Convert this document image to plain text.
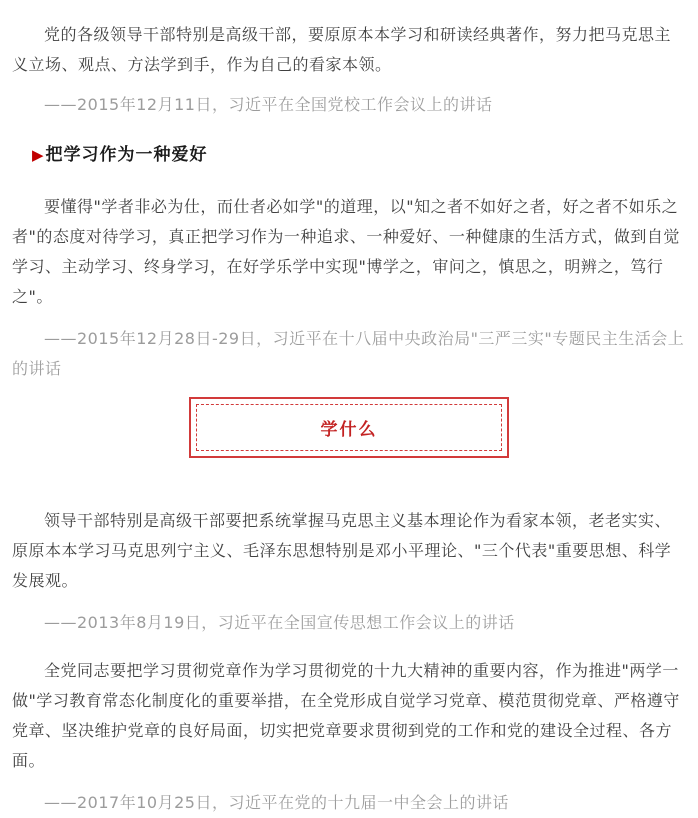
党的各级领导干部特别是高级干部，要原原本本学习和研读经典著作，努力把马克思主义立场、观点、方法学到手，作为自己的看家本领。

——2015年12月11日，习近平在全国党校工作会议上的讲话

▶把学习作为一种爱好

要懂得"学者非必为仕，而仕者必如学"的道理，以"知之者不如好之者，好之者不如乐之者"的态度对待学习，真正把学习作为一种追求、一种爱好、一种健康的生活方式，做到自觉学习、主动学习、终身学习，在好学乐学中实现"博学之，审问之，慎思之，明辨之，笃行之"。

——2015年12月28日-29日，习近平在十八届中央政治局"三严三实"专题民主生活会上的讲话

学什么

领导干部特别是高级干部要把系统掌握马克思主义基本理论作为看家本领，老老实实、原原本本学习马克思列宁主义、毛泽东思想特别是邓小平理论、"三个代表"重要思想、科学发展观。

——2013年8月19日，习近平在全国宣传思想工作会议上的讲话

全党同志要把学习贯彻党章作为学习贯彻党的十九大精神的重要内容，作为推进"两学一做"学习教育常态化制度化的重要举措，在全党形成自觉学习党章、模范贯彻党章、严格遵守党章、坚决维护党章的良好局面，切实把党章要求贯彻到党的工作和党的建设全过程、各方面。

——2017年10月25日，习近平在党的十九届一中全会上的讲话
